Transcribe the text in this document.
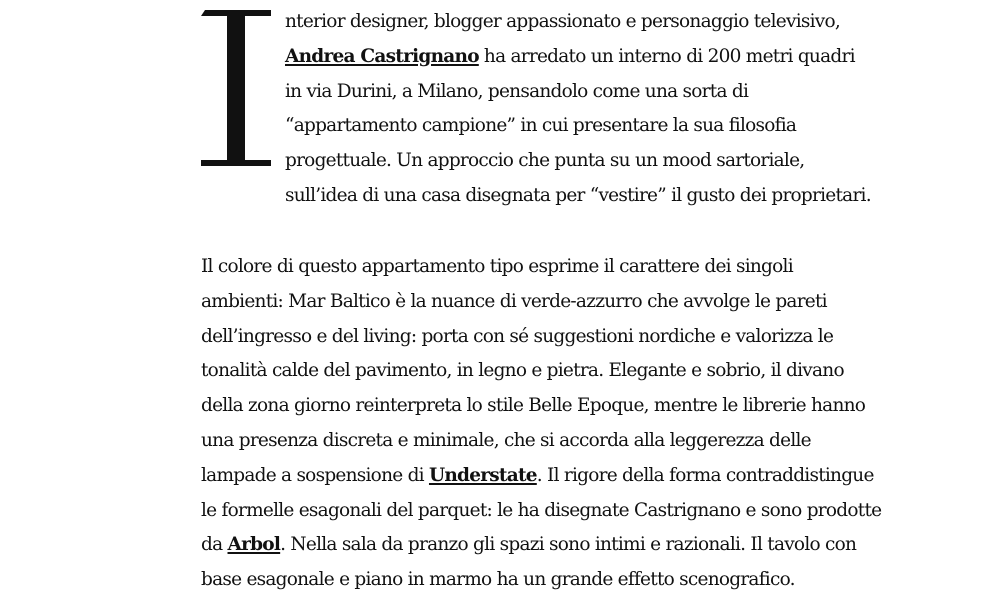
nterior designer, blogger appassionato e personaggio televisivo,
Andrea Castrignano ha arredato un interno di 200 metri quadri
in via Durini, a Milano, pensandolo come una sorta di
“appartamento campione” in cui presentare la sua filosofia
progettuale. Un approccio che punta su un mood sartoriale,
sull’idea di una casa disegnata per “vestire” il gusto dei proprietari.
Il colore di questo appartamento tipo esprime il carattere dei singoli
ambienti: Mar Baltico è la nuance di verde-azzurro che avvolge le pareti
dell’ingresso e del living: porta con sé suggestioni nordiche e valorizza le
tonalità calde del pavimento, in legno e pietra. Elegante e sobrio, il divano
della zona giorno reinterpreta lo stile Belle Epoque, mentre le librerie hanno
una presenza discreta e minimale, che si accorda alla leggerezza delle
lampade a sospensione di Understate. Il rigore della forma contraddistingue
le formelle esagonali del parquet: le ha disegnate Castrignano e sono prodotte
da Arbol. Nella sala da pranzo gli spazi sono intimi e razionali. Il tavolo con
base esagonale e piano in marmo ha un grande effetto scenografico.
